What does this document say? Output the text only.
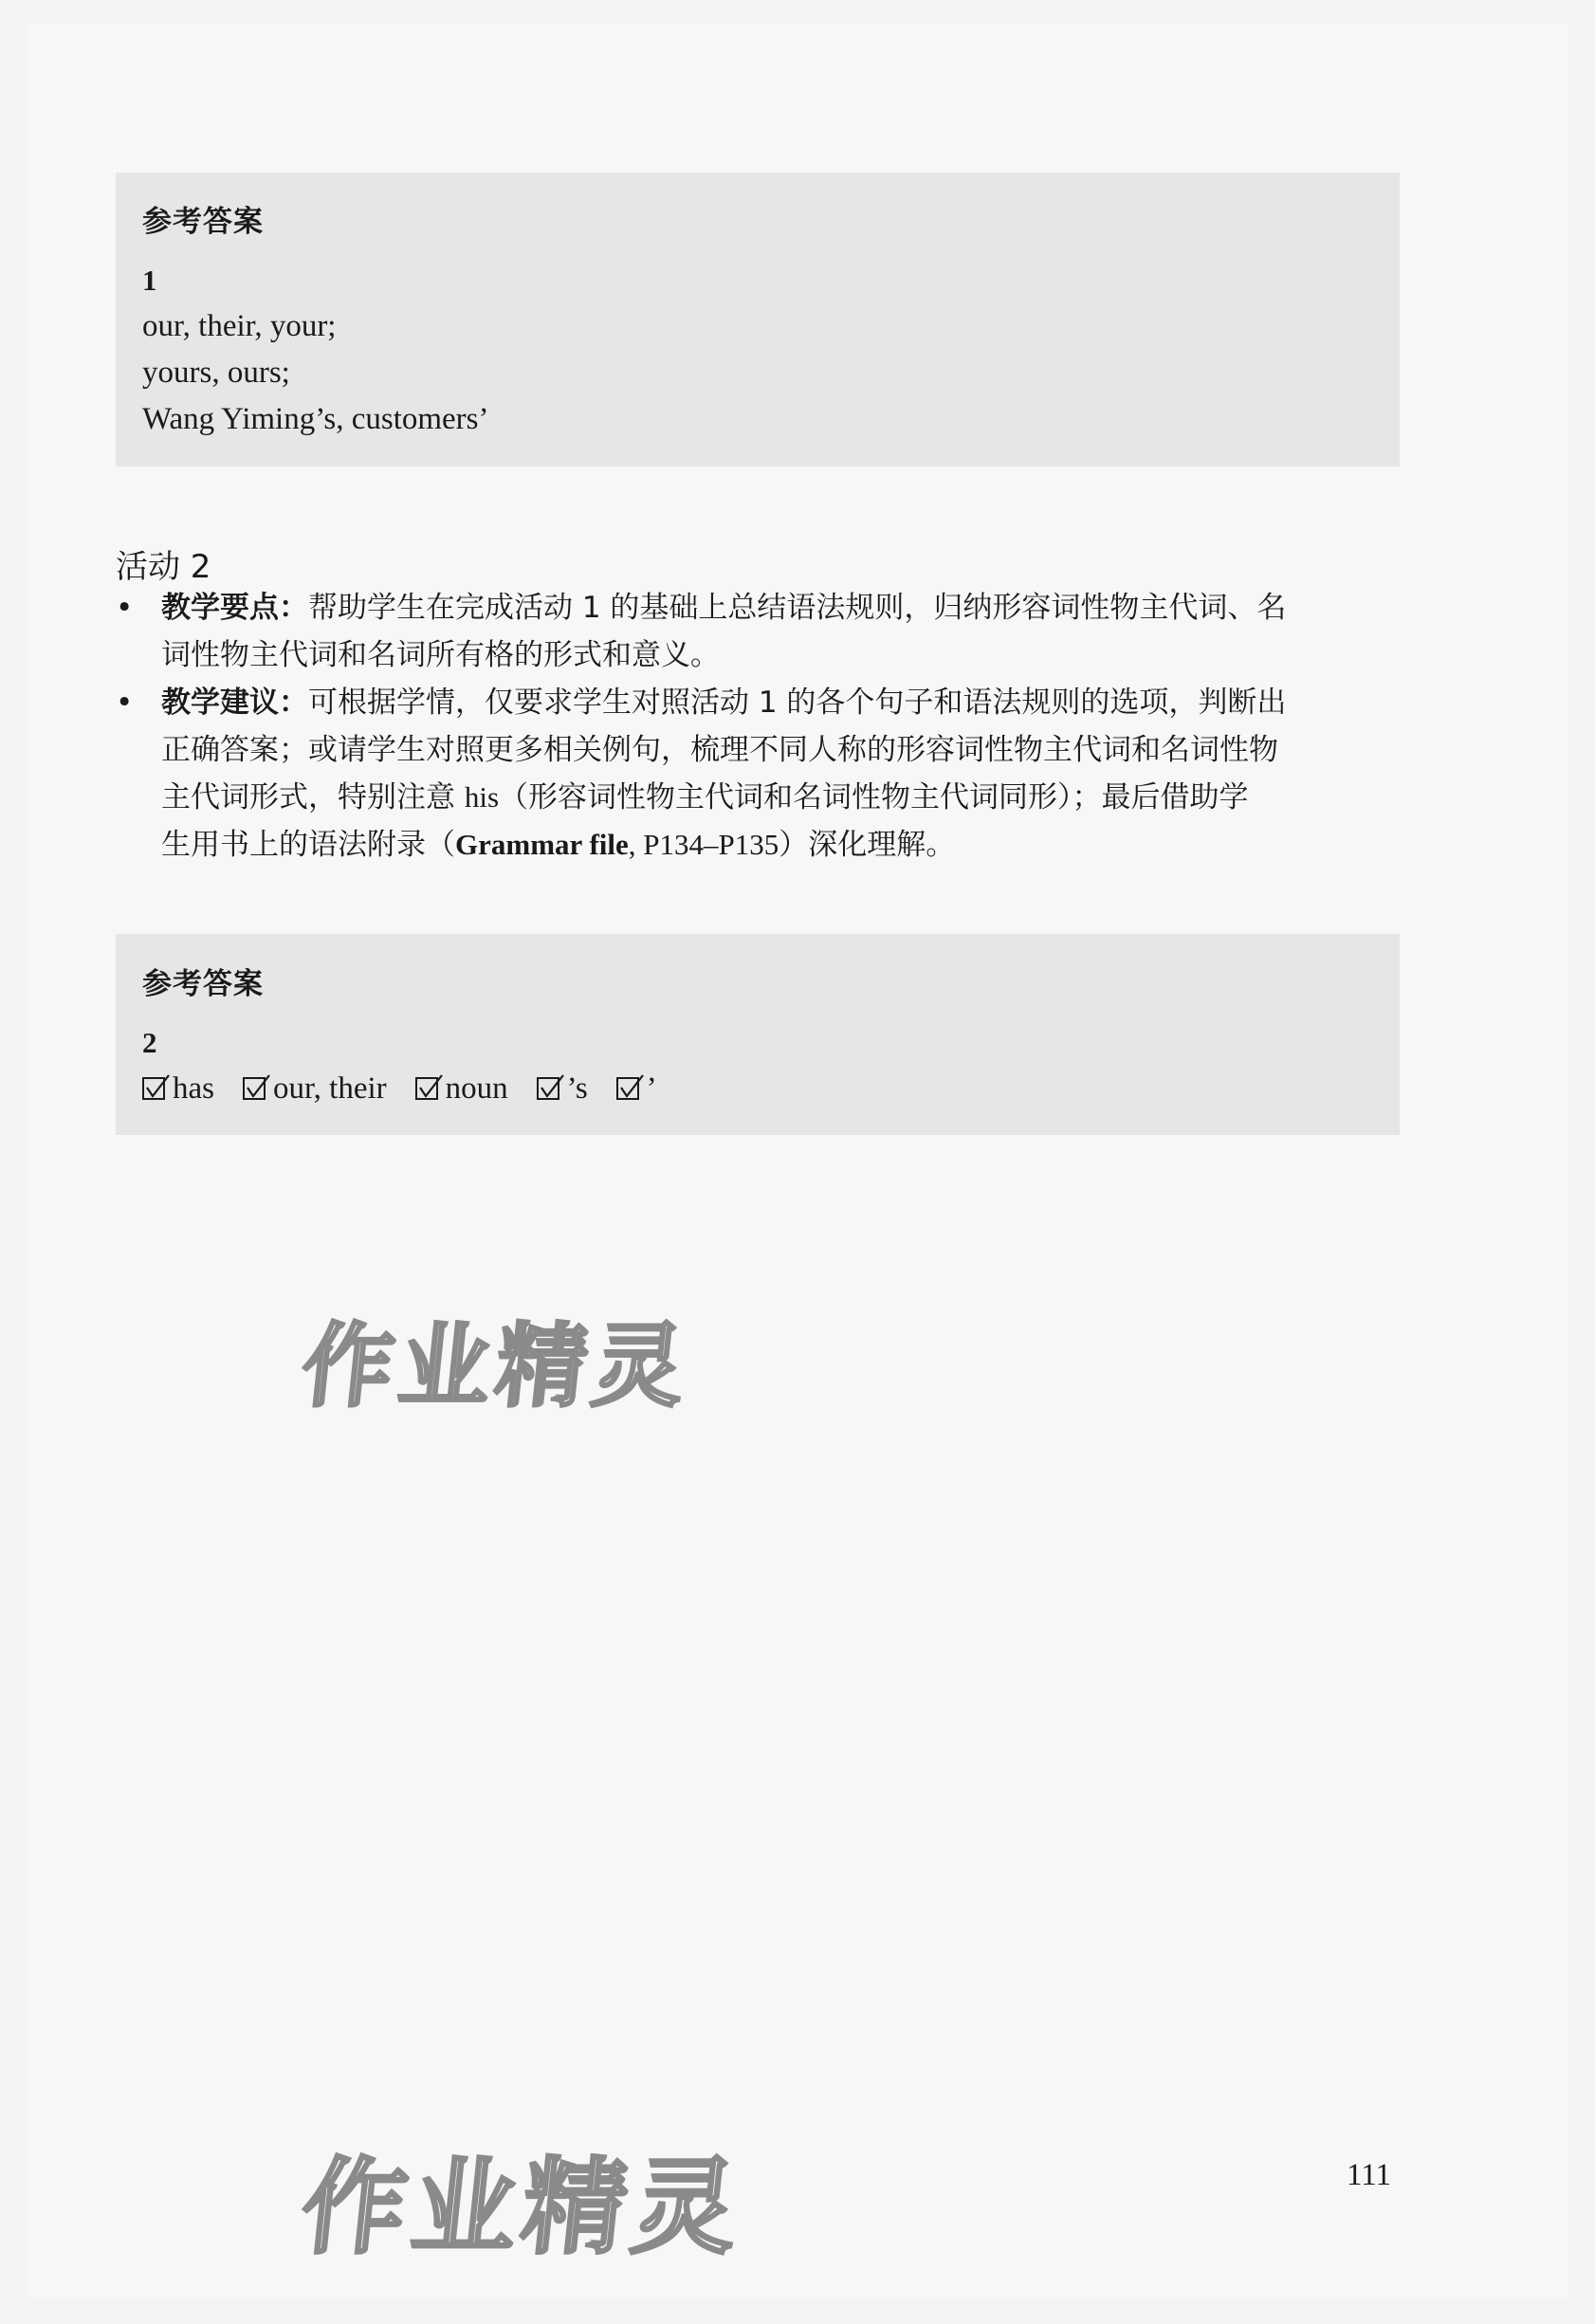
参考答案
1
our, their, your;
yours, ours;
Wang Yiming’s, customers’
活动 2
• 教学要点：帮助学生在完成活动 1 的基础上总结语法规则，归纳形容词性物主代词、名
词性物主代词和名词所有格的形式和意义。
• 教学建议：可根据学情，仅要求学生对照活动 1 的各个句子和语法规则的选项，判断出
正确答案；或请学生对照更多相关例句，梳理不同人称的形容词性物主代词和名词性物
主代词形式，特别注意 his（形容词性物主代词和名词性物主代词同形）；最后借助学
生用书上的语法附录（Grammar file, P134–P135）深化理解。
参考答案
2
has our, their noun ’s ’
作业精灵
作业精灵	111
